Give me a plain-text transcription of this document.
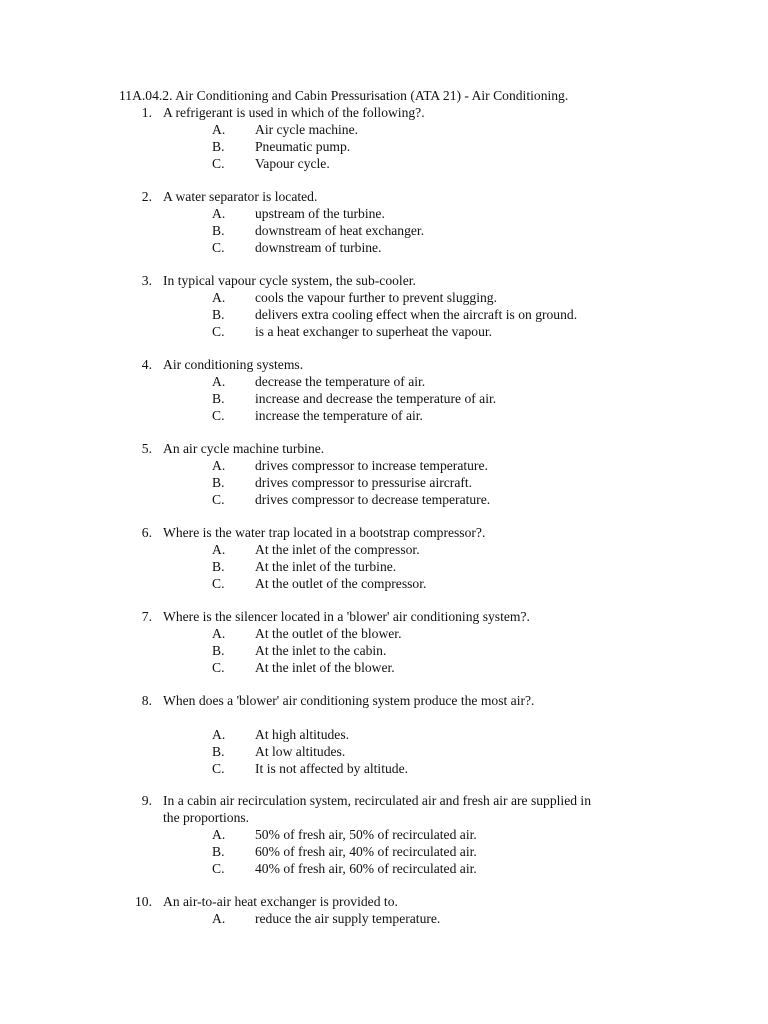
11A.04.2. Air Conditioning and Cabin Pressurisation (ATA 21) - Air Conditioning.
1. A refrigerant is used in which of the following?.
A. Air cycle machine.
B. Pneumatic pump.
C. Vapour cycle.
2. A water separator is located.
A. upstream of the turbine.
B. downstream of heat exchanger.
C. downstream of turbine.
3. In typical vapour cycle system, the sub-cooler.
A. cools the vapour further to prevent slugging.
B. delivers extra cooling effect when the aircraft is on ground.
C. is a heat exchanger to superheat the vapour.
4. Air conditioning systems.
A. decrease the temperature of air.
B. increase and decrease the temperature of air.
C. increase the temperature of air.
5. An air cycle machine turbine.
A. drives compressor to increase temperature.
B. drives compressor to pressurise aircraft.
C. drives compressor to decrease temperature.
6. Where is the water trap located in a bootstrap compressor?.
A. At the inlet of the compressor.
B. At the inlet of the turbine.
C. At the outlet of the compressor.
7. Where is the silencer located in a 'blower' air conditioning system?.
A. At the outlet of the blower.
B. At the inlet to the cabin.
C. At the inlet of the blower.
8. When does a 'blower' air conditioning system produce the most air?.
A. At high altitudes.
B. At low altitudes.
C. It is not affected by altitude.
9. In a cabin air recirculation system, recirculated air and fresh air are supplied in
the proportions.
A. 50% of fresh air, 50% of recirculated air.
B. 60% of fresh air, 40% of recirculated air.
C. 40% of fresh air, 60% of recirculated air.
10. An air-to-air heat exchanger is provided to.
A. reduce the air supply temperature.
